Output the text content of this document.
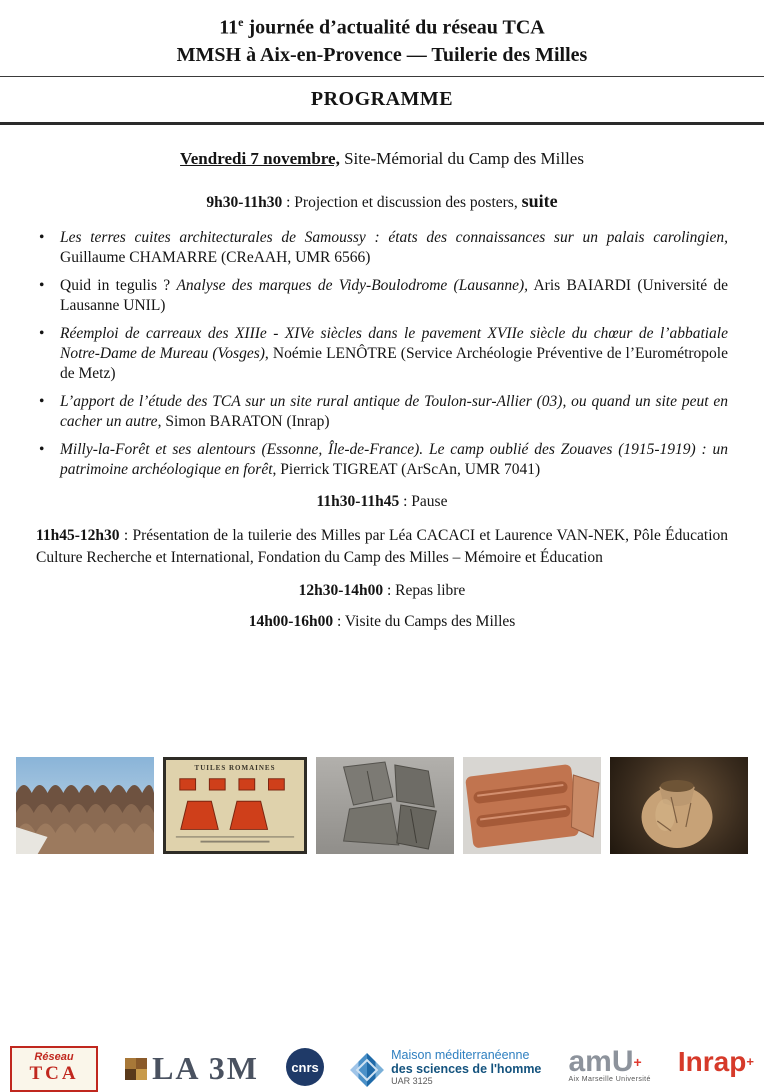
11e journée d’actualité du réseau TCA
MMSH à Aix-en-Provence — Tuilerie des Milles
PROGRAMME

Vendredi 7 novembre, Site-Mémorial du Camp des Milles

9h30-11h30 : Projection et discussion des posters, suite

• Les terres cuites architecturales de Samoussy : états des connaissances sur un palais carolingien, Guillaume CHAMARRE (CReAAH, UMR 6566)
• Quid in tegulis ? Analyse des marques de Vidy-Boulodrome (Lausanne), Aris BAIARDI (Université de Lausanne UNIL)
• Réemploi de carreaux des XIIIe - XIVe siècles dans le pavement XVIIe siècle du chœur de l’abbatiale Notre-Dame de Mureau (Vosges), Noémie LENÔTRE (Service Archéologie Préventive de l’Eurométropole de Metz)
• L’apport de l’étude des TCA sur un site rural antique de Toulon-sur-Allier (03), ou quand un site peut en cacher un autre, Simon BARATON (Inrap)
• Milly-la-Forêt et ses alentours (Essonne, Île-de-France). Le camp oublié des Zouaves (1915-1919) : un patrimoine archéologique en forêt, Pierrick TIGREAT (ArScAn, UMR 7041)

11h30-11h45 : Pause

11h45-12h30 : Présentation de la tuilerie des Milles par Léa CACACI et Laurence VAN-NEK, Pôle Éducation Culture Recherche et International, Fondation du Camp des Milles – Mémoire et Éducation

12h30-14h00 : Repas libre

14h00-16h00 : Visite du Camps des Milles

TUILES ROMAINES
Réseau
TCA	LA 3M	cnrs
Maison méditerranéenne
des sciences de l'homme
UAR 3125
amU+
Aix Marseille Université
Inrap+
